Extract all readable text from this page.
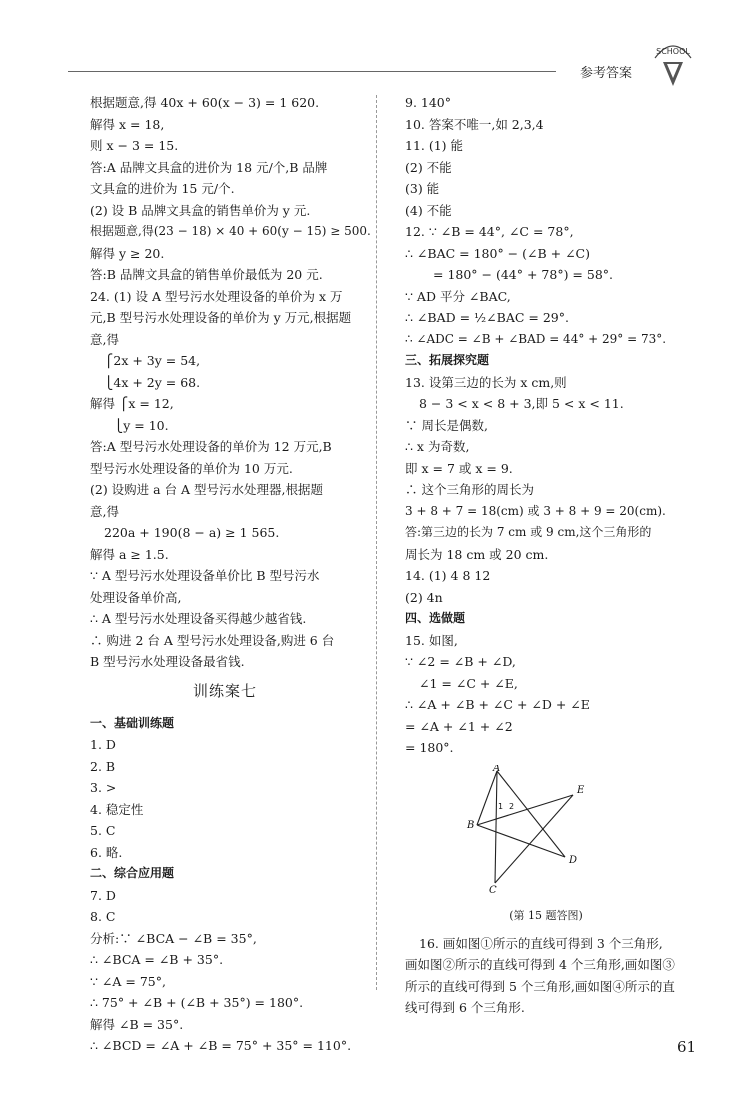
参考答案
SCHOOL
根据题意,得 40x + 60(x − 3) = 1 620.
解得 x = 18,
则 x − 3 = 15.
答:A 品牌文具盒的进价为 18 元/个,B 品牌
文具盒的进价为 15 元/个.
(2) 设 B 品牌文具盒的销售单价为 y 元.
根据题意,得(23 − 18) × 40 + 60(y − 15) ≥ 500.
解得 y ≥ 20.
答:B 品牌文具盒的销售单价最低为 20 元.
24. (1) 设 A 型号污水处理设备的单价为 x 万
元,B 型号污水处理设备的单价为 y 万元,根据题
意,得
⎧2x + 3y = 54,
⎩4x + 2y = 68.
解得 ⎧x = 12,
⎩y = 10.
答:A 型号污水处理设备的单价为 12 万元,B
型号污水处理设备的单价为 10 万元.
(2) 设购进 a 台 A 型号污水处理器,根据题
意,得
220a + 190(8 − a) ≥ 1 565.
解得 a ≥ 1.5.
∵ A 型号污水处理设备单价比 B 型号污水
处理设备单价高,
∴ A 型号污水处理设备买得越少越省钱.
∴ 购进 2 台 A 型号污水处理设备,购进 6 台
B 型号污水处理设备最省钱.
训练案七
一、基础训练题
1. D
2. B
3. >
4. 稳定性
5. C
6. 略.
二、综合应用题
7. D
8. C
分析:∵ ∠BCA − ∠B = 35°,
∴ ∠BCA = ∠B + 35°.
∵ ∠A = 75°,
∴ 75° + ∠B + (∠B + 35°) = 180°.
解得 ∠B = 35°.
∴ ∠BCD = ∠A + ∠B = 75° + 35° = 110°.
9. 140°
10. 答案不唯一,如 2,3,4
11. (1) 能
(2) 不能
(3) 能
(4) 不能
12. ∵ ∠B = 44°, ∠C = 78°,
∴ ∠BAC = 180° − (∠B + ∠C)
= 180° − (44° + 78°) = 58°.
∵ AD 平分 ∠BAC,
∴ ∠BAD = ½∠BAC = 29°.
∴ ∠ADC = ∠B + ∠BAD = 44° + 29° = 73°.
三、拓展探究题
13. 设第三边的长为 x cm,则
8 − 3 < x < 8 + 3,即 5 < x < 11.
∵ 周长是偶数,
∴ x 为奇数,
即 x = 7 或 x = 9.
∴ 这个三角形的周长为
3 + 8 + 7 = 18(cm) 或 3 + 8 + 9 = 20(cm).
答:第三边的长为 7 cm 或 9 cm,这个三角形的
周长为 18 cm 或 20 cm.
14. (1) 4 8 12
(2) 4n
四、选做题
15. 如图,
∵ ∠2 = ∠B + ∠D,
∠1 = ∠C + ∠E,
∴ ∠A + ∠B + ∠C + ∠D + ∠E
= ∠A + ∠1 + ∠2
= 180°.
A
B
C
D
E
1 2
(第 15 题答图)
16. 画如图①所示的直线可得到 3 个三角形,
画如图②所示的直线可得到 4 个三角形,画如图③
所示的直线可得到 5 个三角形,画如图④所示的直
线可得到 6 个三角形.
61
